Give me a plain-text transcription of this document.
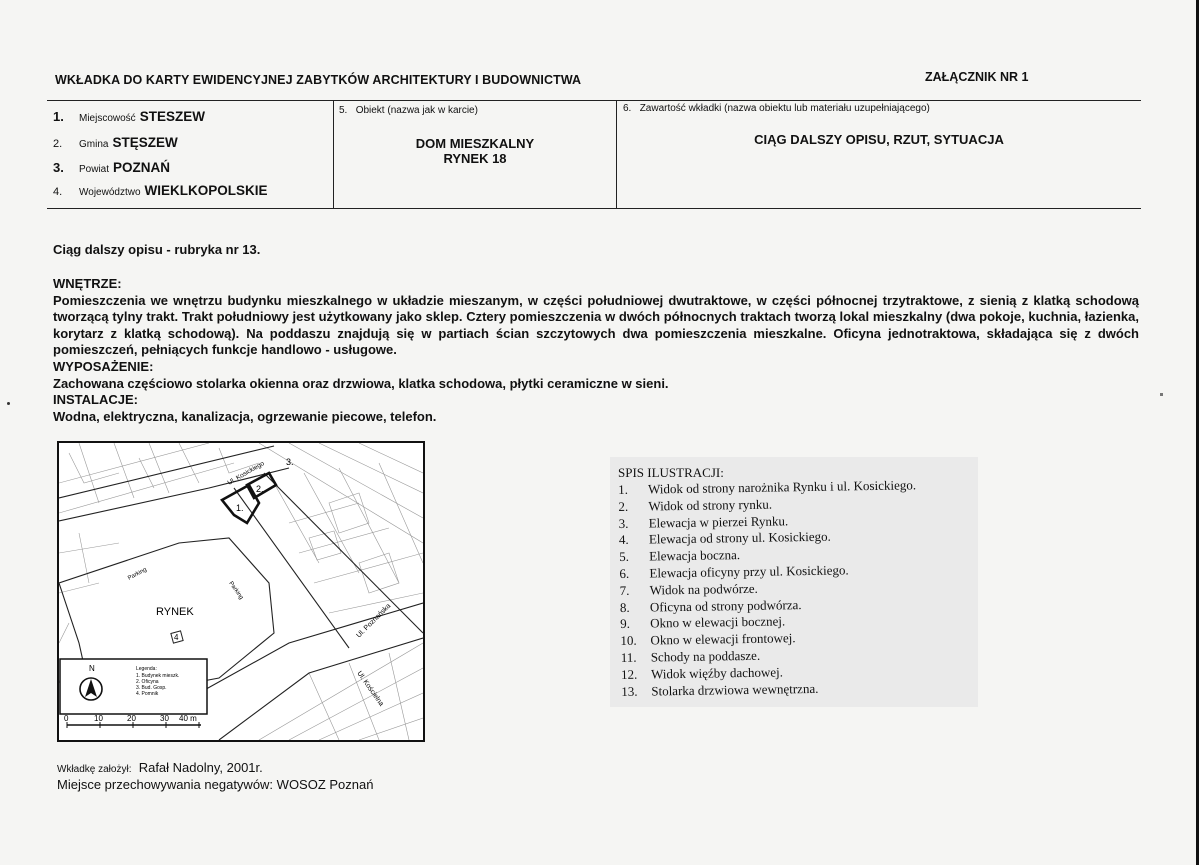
WKŁADKA DO KARTY EWIDENCYJNEJ ZABYTKÓW ARCHITEKTURY I BUDOWNICTWA	ZAŁĄCZNIK NR 1
1. Miejscowość STESZEW
2. Gmina STĘSZEW
3. Powiat POZNAŃ
4. Województwo WIEKLKOPOLSKIE
5. Obiekt (nazwa jak w karcie)
DOM MIESZKALNY
RYNEK 18
6. Zawartość wkładki (nazwa obiektu lub materiału uzupełniającego)
CIĄG DALSZY OPISU, RZUT, SYTUACJA
Ciąg dalszy opisu - rubryka nr 13.
WNĘTRZE:
Pomieszczenia we wnętrzu budynku mieszkalnego w układzie mieszanym, w części południowej dwutraktowe, w części północnej trzytraktowe, z sienią z klatką schodową tworzącą tylny trakt. Trakt południowy jest użytkowany jako sklep. Cztery pomieszczenia w dwóch północnych traktach tworzą lokal mieszkalny (dwa pokoje, kuchnia, łazienka, korytarz z klatką schodową). Na poddaszu znajdują się w partiach ścian szczytowych dwa pomieszczenia mieszkalne. Oficyna jednotraktowa, składająca się z dwóch pomieszczeń, pełniących funkcje handlowo - usługowe.
WYPOSAŻENIE:
Zachowana częściowo stolarka okienna oraz drzwiowa, klatka schodowa, płytki ceramiczne w sieni.
INSTALACJE:
Wodna, elektryczna, kanalizacja, ogrzewanie piecowe, telefon.
1.
2.
3.
4
RYNEK
Parking
Parking
Ul. Kosickiego
Ul. Poznańska
Ul. Kościelna
N	Legenda:
1. Budynek mieszk.
2. Oficyna
3. Bud. Gosp.
4. Pomnik
0	10	20	30 40 m
SPIS ILUSTRACJI:
1. Widok od strony narożnika Rynku i ul. Kosickiego.
2. Widok od strony rynku.
3. Elewacja w pierzei Rynku.
4. Elewacja od strony ul. Kosickiego.
5. Elewacja boczna.
6. Elewacja oficyny przy ul. Kosickiego.
7. Widok na podwórze.
8. Oficyna od strony podwórza.
9. Okno w elewacji bocznej.
10. Okno w elewacji frontowej.
11. Schody na poddasze.
12. Widok więźby dachowej.
13. Stolarka drzwiowa wewnętrzna.
Wkładkę założył: Rafał Nadolny, 2001r.
Miejsce przechowywania negatywów: WOSOZ Poznań
